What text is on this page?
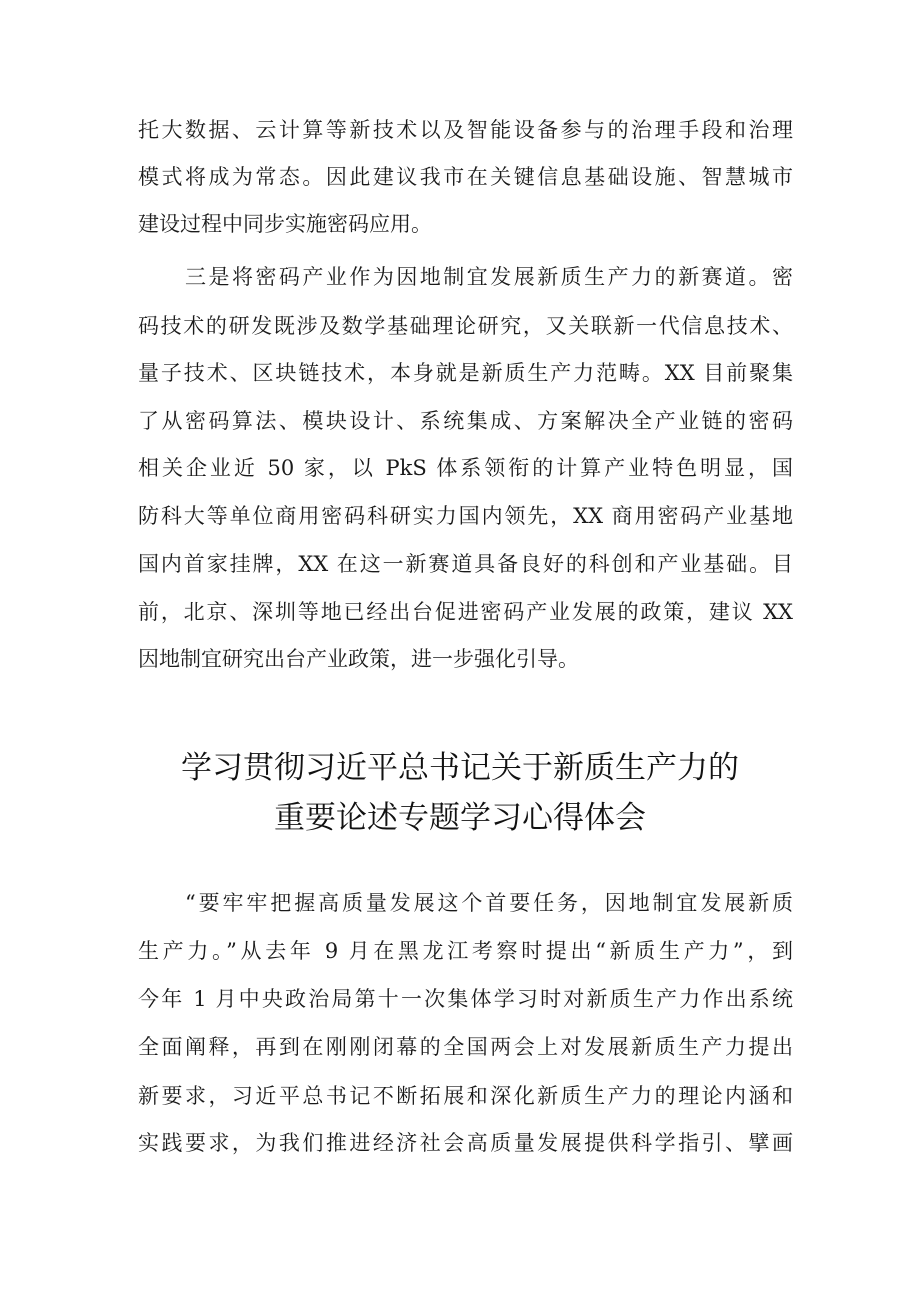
托大数据、云计算等新技术以及智能设备参与的治理手段和治理
模式将成为常态。因此建议我市在关键信息基础设施、智慧城市
建设过程中同步实施密码应用。
三是将密码产业作为因地制宜发展新质生产力的新赛道。密
码技术的研发既涉及数学基础理论研究，又关联新一代信息技术、
量子技术、区块链技术，本身就是新质生产力范畴。XX 目前聚集
了从密码算法、模块设计、系统集成、方案解决全产业链的密码
相关企业近 50 家，以 PkS 体系领衔的计算产业特色明显，国
防科大等单位商用密码科研实力国内领先，XX 商用密码产业基地
国内首家挂牌，XX 在这一新赛道具备良好的科创和产业基础。目
前，北京、深圳等地已经出台促进密码产业发展的政策，建议 XX
因地制宜研究出台产业政策，进一步强化引导。
学习贯彻习近平总书记关于新质生产力的
重要论述专题学习心得体会
“要牢牢把握高质量发展这个首要任务，因地制宜发展新质
生产力。”从去年 9 月在黑龙江考察时提出“新质生产力”，到
今年 1 月中央政治局第十一次集体学习时对新质生产力作出系统
全面阐释，再到在刚刚闭幕的全国两会上对发展新质生产力提出
新要求，习近平总书记不断拓展和深化新质生产力的理论内涵和
实践要求，为我们推进经济社会高质量发展提供科学指引、擘画
